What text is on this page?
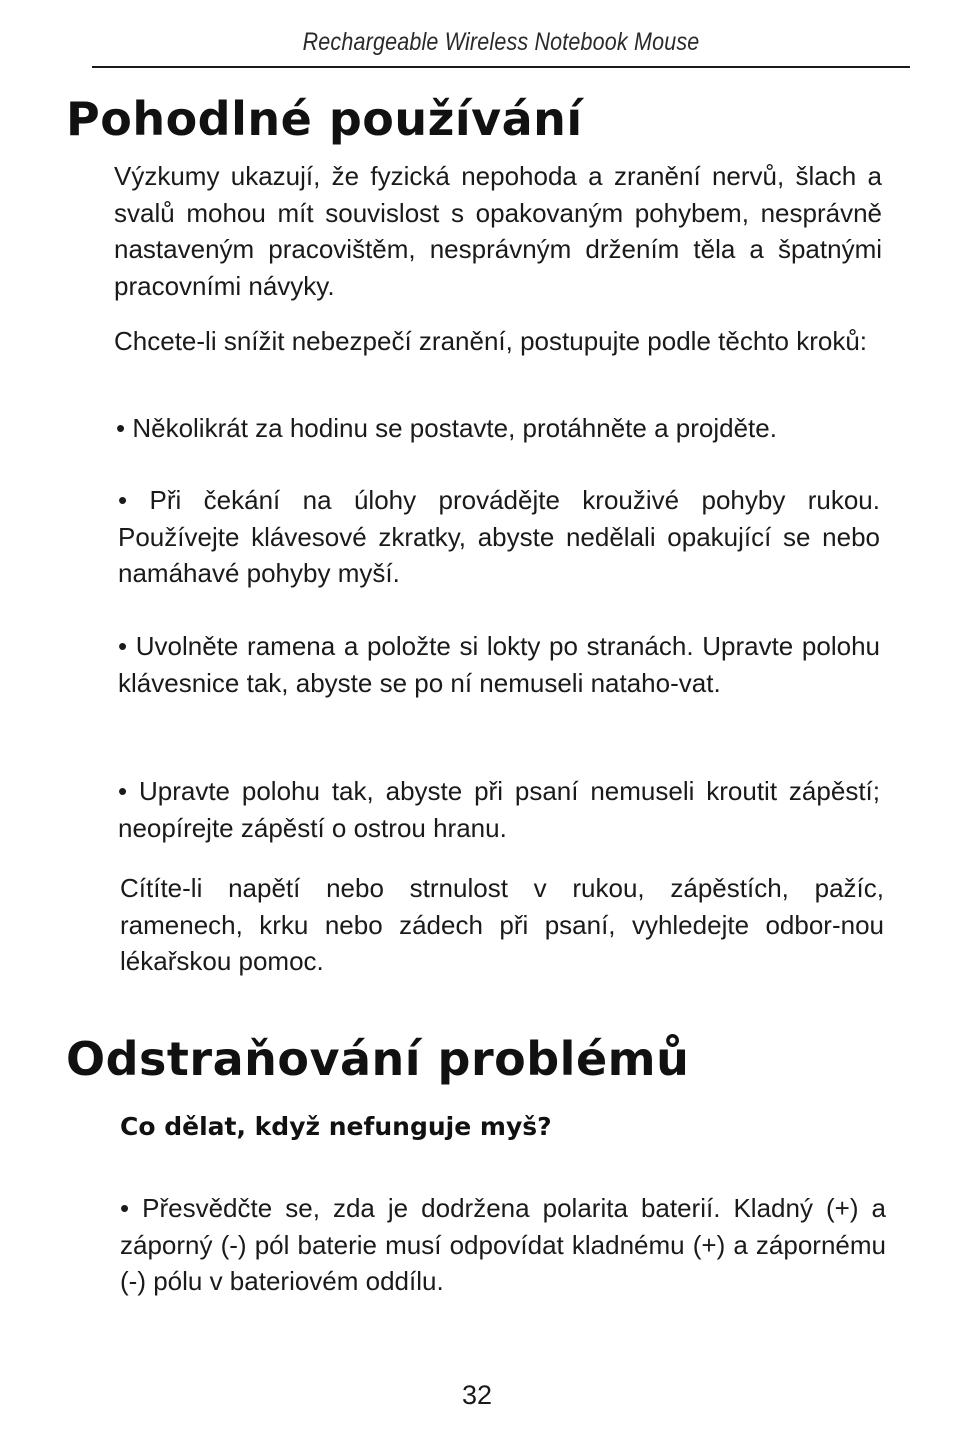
Rechargeable Wireless Notebook Mouse
Pohodlné používání

Výzkumy ukazují, že fyzická nepohoda a zranění nervů, šlach a svalů mohou mít souvislost s opakovaným pohybem, nesprávně nastaveným pracovištěm, nesprávným držením těla a špatnými pracovními návyky.

Chcete-li snížit nebezpečí zranění, postupujte podle těchto kroků:

• Několikrát za hodinu se postavte, protáhněte a projděte.

• Při čekání na úlohy provádějte krouživé pohyby rukou. Používejte klávesové zkratky, abyste nedělali opakující se nebo namáhavé pohyby myší.

• Uvolněte ramena a položte si lokty po stranách. Upravte polohu klávesnice tak, abyste se po ní nemuseli nataho-vat.

• Upravte polohu tak, abyste při psaní nemuseli kroutit zápěstí; neopírejte zápěstí o ostrou hranu.

Cítíte-li napětí nebo strnulost v rukou, zápěstích, pažíc, ramenech, krku nebo zádech při psaní, vyhledejte odbor-nou lékařskou pomoc.

Odstraňování problémů
Co dělat, když nefunguje myš?

• Přesvědčte se, zda je dodržena polarita baterií. Kladný (+) a záporný (-) pól baterie musí odpovídat kladnému (+) a zápornému (-) pólu v bateriovém oddílu.

32
